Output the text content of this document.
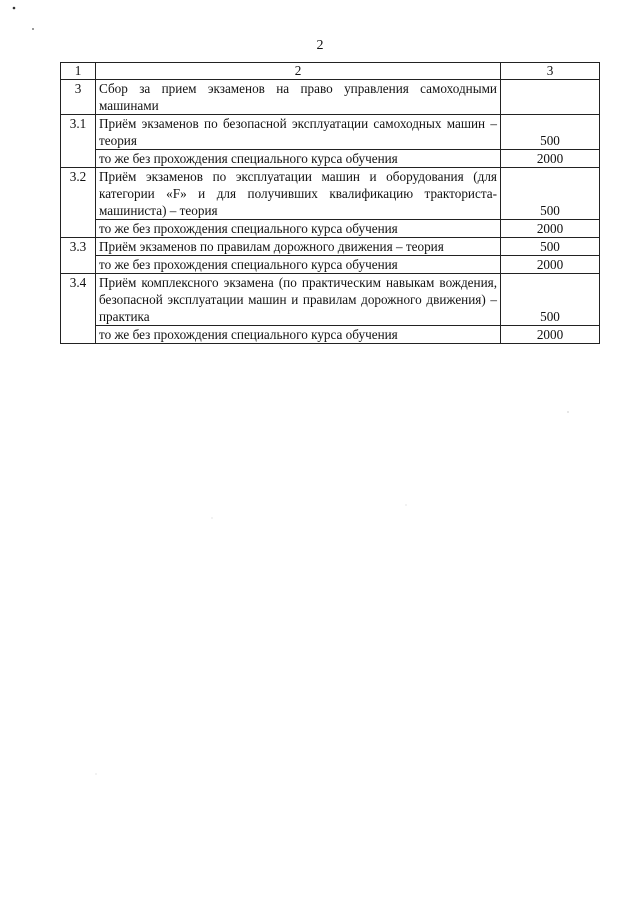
2
1	2	3
3	Сбор за прием экзаменов на право управления самоходными машинами	
3.1	Приём экзаменов по безопасной эксплуатации самоходных машин – теория	500
	то же без прохождения специального курса обучения	2000
3.2	Приём экзаменов по эксплуатации машин и оборудования (для категории «F» и для получивших квалификацию тракториста-машиниста) – теория	500
	то же без прохождения специального курса обучения	2000
3.3	Приём экзаменов по правилам дорожного движения – теория	500
	то же без прохождения специального курса обучения	2000
3.4	Приём комплексного экзамена (по практическим навыкам вождения, безопасной эксплуатации машин и правилам дорожного движения) – практика	500
	то же без прохождения специального курса обучения	2000
